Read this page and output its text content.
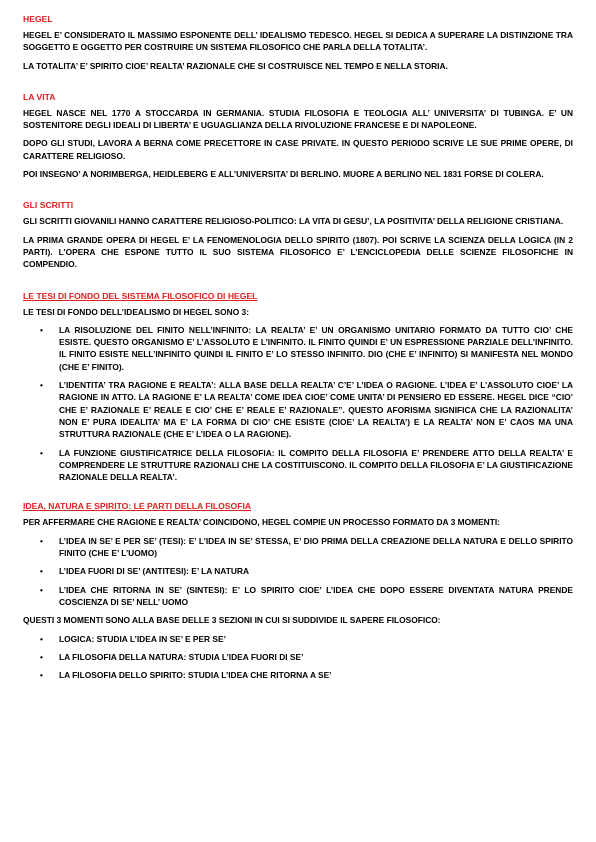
HEGEL

HEGEL E’ CONSIDERATO IL MASSIMO ESPONENTE DELL’ IDEALISMO TEDESCO. HEGEL SI DEDICA A SUPERARE LA DISTINZIONE TRA SOGGETTO E OGGETTO PER COSTRUIRE UN SISTEMA FILOSOFICO CHE PARLA DELLA TOTALITA’.

LA TOTALITA’ E’ SPIRITO CIOE’ REALTA’ RAZIONALE CHE SI COSTRUISCE NEL TEMPO E NELLA STORIA.

LA VITA

HEGEL NASCE NEL 1770 A STOCCARDA IN GERMANIA. STUDIA FILOSOFIA E TEOLOGIA ALL’ UNIVERSITA’ DI TUBINGA. E’ UN SOSTENITORE DEGLI IDEALI DI LIBERTA’ E UGUAGLIANZA DELLA RIVOLUZIONE FRANCESE E DI NAPOLEONE.

DOPO GLI STUDI, LAVORA A BERNA COME PRECETTORE IN CASE PRIVATE. IN QUESTO PERIODO SCRIVE LE SUE PRIME OPERE, DI CARATTERE RELIGIOSO.

POI INSEGNO’ A NORIMBERGA, HEIDLEBERG E ALL’UNIVERSITA’ DI BERLINO. MUORE A BERLINO NEL 1831 FORSE DI COLERA.

GLI SCRITTI

GLI SCRITTI GIOVANILI HANNO CARATTERE RELIGIOSO-POLITICO: LA VITA DI GESU’, LA POSITIVITA’ DELLA RELIGIONE CRISTIANA.

LA PRIMA GRANDE OPERA DI HEGEL E’ LA FENOMENOLOGIA DELLO SPIRITO (1807). POI SCRIVE LA SCIENZA DELLA LOGICA (IN 2 PARTI). L’OPERA CHE ESPONE TUTTO IL SUO SISTEMA FILOSOFICO E’ L’ENCICLOPEDIA DELLE SCIENZE FILOSOFICHE IN COMPENDIO.

LE TESI DI FONDO DEL SISTEMA FILOSOFICO DI HEGEL

LE TESI DI FONDO DELL’IDEALISMO DI HEGEL SONO 3:

• LA RISOLUZIONE DEL FINITO NELL’INFINITO: LA REALTA’ E’ UN ORGANISMO UNITARIO FORMATO DA TUTTO CIO’ CHE ESISTE. QUESTO ORGANISMO E’ L’ASSOLUTO E L’INFINITO. IL FINITO QUINDI E’ UN ESPRESSIONE PARZIALE DELL’INFINITO. IL FINITO ESISTE NELL’INFINITO QUINDI IL FINITO E’ LO STESSO INFINITO. DIO (CHE E’ INFINITO) SI MANIFESTA NEL MONDO (CHE E’ FINITO).
• L’IDENTITA’ TRA RAGIONE E REALTA’: ALLA BASE DELLA REALTA’ C’E’ L’IDEA O RAGIONE. L’IDEA E’ L’ASSOLUTO CIOE’ LA RAGIONE IN ATTO. LA RAGIONE E’ LA REALTA’ COME IDEA CIOE’ COME UNITA’ DI PENSIERO ED ESSERE. HEGEL DICE “CIO’ CHE E’ RAZIONALE E’ REALE E CIO’ CHE E’ REALE E’ RAZIONALE”. QUESTO AFORISMA SIGNIFICA CHE LA RAZIONALITA’ NON E’ PURA IDEALITA’ MA E’ LA FORMA DI CIO’ CHE ESISTE (CIOE’ LA REALTA’) E LA REALTA’ NON E’ CAOS MA UNA STRUTTURA RAZIONALE (CHE E’ L’IDEA O LA RAGIONE).
• LA FUNZIONE GIUSTIFICATRICE DELLA FILOSOFIA: IL COMPITO DELLA FILOSOFIA E’ PRENDERE ATTO DELLA REALTA’ E COMPRENDERE LE STRUTTURE RAZIONALI CHE LA COSTITUISCONO. IL COMPITO DELLA FILOSOFIA E’ LA GIUSTIFICAZIONE RAZIONALE DELLA REALTA’.
IDEA, NATURA E SPIRITO: LE PARTI DELLA FILOSOFIA

PER AFFERMARE CHE RAGIONE E REALTA’ COINCIDONO, HEGEL COMPIE UN PROCESSO FORMATO DA 3 MOMENTI:

• L’IDEA IN SE’ E PER SE’ (TESI): E’ L’IDEA IN SE’ STESSA, E’ DIO PRIMA DELLA CREAZIONE DELLA NATURA E DELLO SPIRITO FINITO (CHE E’ L’UOMO)
• L’IDEA FUORI DI SE’ (ANTITESI): E’ LA NATURA
• L’IDEA CHE RITORNA IN SE’ (SINTESI): E’ LO SPIRITO CIOE’ L’IDEA CHE DOPO ESSERE DIVENTATA NATURA PRENDE COSCIENZA DI SE’ NELL’ UOMO

QUESTI 3 MOMENTI SONO ALLA BASE DELLE 3 SEZIONI IN CUI SI SUDDIVIDE IL SAPERE FILOSOFICO:

• LOGICA: STUDIA L’IDEA IN SE’ E PER SE’
• LA FILOSOFIA DELLA NATURA: STUDIA L’IDEA FUORI DI SE’
• LA FILOSOFIA DELLO SPIRITO: STUDIA L’IDEA CHE RITORNA A SE’
